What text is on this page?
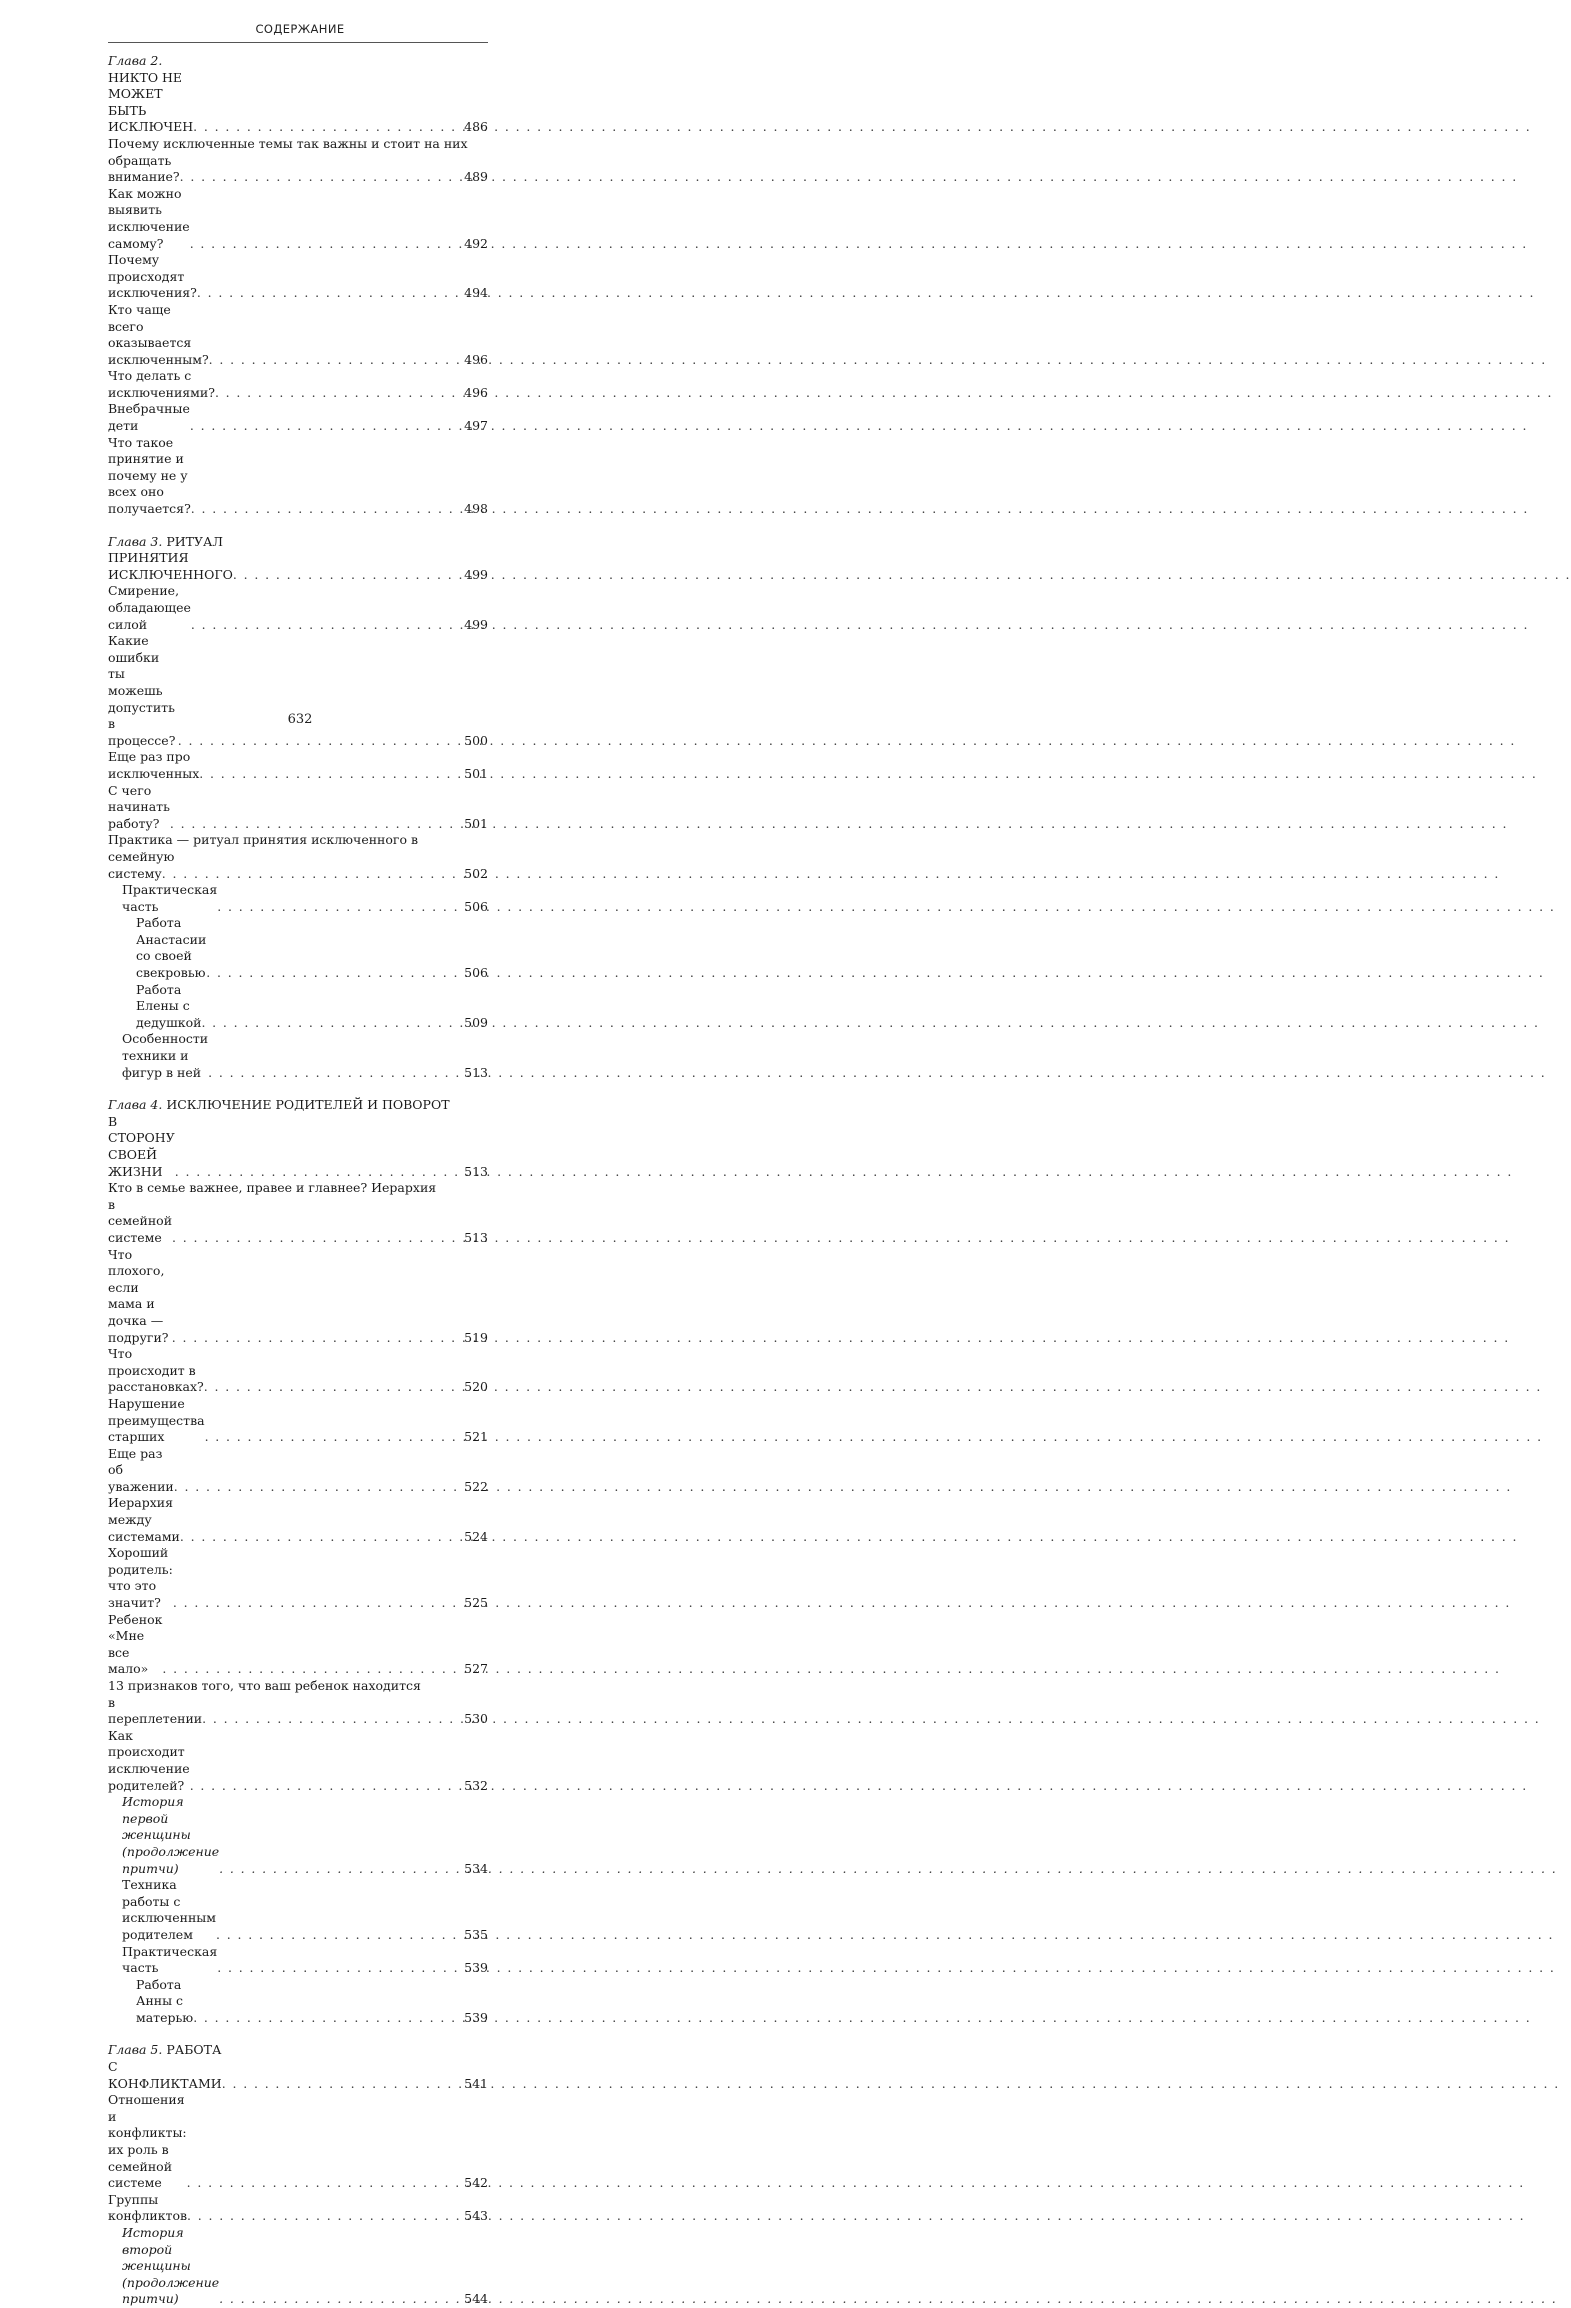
СОДЕРЖАНИЕ
Глава 2. НИКТО НЕ МОЖЕТ БЫТЬ ИСКЛЮЧЕН . . .	486
Почему исключенные темы так важны и стоит на них
обращать внимание? . . .	489
Как можно выявить исключение самому? . . .	492
Почему происходят исключения? . . .	494
Кто чаще всего оказывается исключенным? . . .	496
Что делать с исключениями? . . .	496
Внебрачные дети . . .	497
Что такое принятие и почему не у всех оно получается? . . .	498
Глава 3. РИТУАЛ ПРИНЯТИЯ ИСКЛЮЧЕННОГО . . .	499
Смирение, обладающее силой . . .	499
Какие ошибки ты можешь допустить в процессе? . . .	500
Еще раз про исключенных . . .	501
С чего начинать работу? . . .	501
Практика — ритуал принятия исключенного в семейную
систему . . .	502
Практическая часть . . .	506
Работа Анастасии со своей свекровью . . .	506
Работа Елены с дедушкой . . .	509
Особенности техники и фигур в ней . . .	513
Глава 4. ИСКЛЮЧЕНИЕ РОДИТЕЛЕЙ И ПОВОРОТ
В СТОРОНУ СВОЕЙ ЖИЗНИ . . .	513
Кто в семье важнее, правее и главнее? Иерархия
в семейной системе . . .	513
Что плохого, если мама и дочка — подруги? . . .	519
Что происходит в расстановках? . . .	520
Нарушение преимущества старших . . .	521
Еще раз об уважении . . .	522
Иерархия между системами . . .	524
Хороший родитель: что это значит? . . .	525
Ребенок «Мне все мало» . . .	527
13 признаков того, что ваш ребенок находится
в переплетении . . .	530
Как происходит исключение родителей? . . .	532
История первой женщины (продолжение притчи) . . .	534
Техника работы с исключенным родителем . . .	535
Практическая часть . . .	539
Работа Анны с матерью . . .	539
Глава 5. РАБОТА С КОНФЛИКТАМИ . . .	541
Отношения и конфликты: их роль в семейной системе . . .	542
Группы конфликтов . . .	543
История второй женщины (продолжение притчи) . . .	544
632
